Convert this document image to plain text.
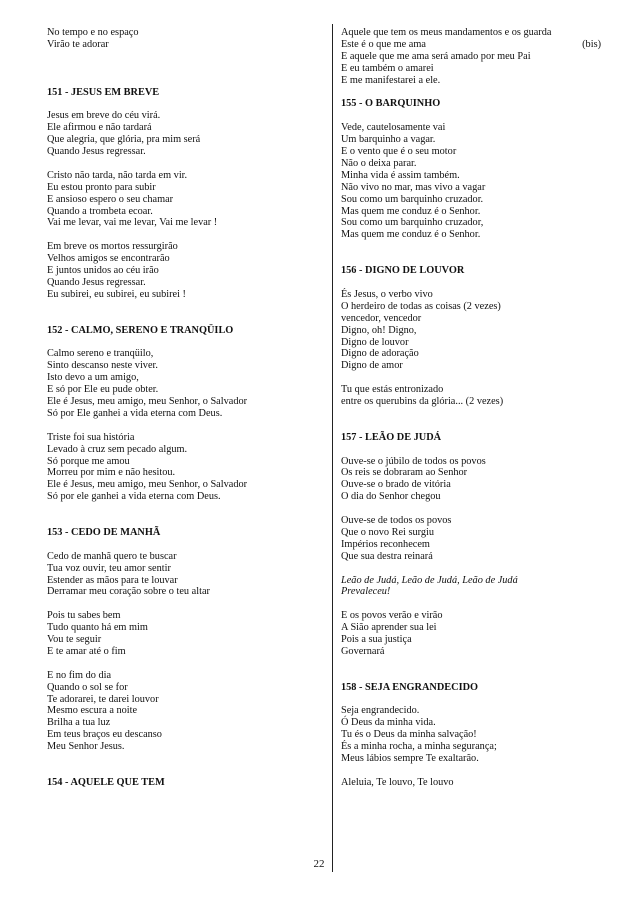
No tempo e no espaço
Virão te adorar
151 - JESUS EM BREVE
Jesus em breve do céu virá.
Ele afirmou e não tardará
Que alegria, que glória, pra mim será
Quando Jesus regressar.
Cristo não tarda, não tarda em vir.
Eu estou pronto para subir
E ansioso espero o seu chamar
Quando a trombeta ecoar.
Vai me levar, vai me levar, Vai me levar !
Em breve os mortos ressurgirão
Velhos amigos se encontrarão
E juntos unidos ao céu irão
Quando Jesus regressar.
Eu subirei, eu subirei, eu subirei !
152 - CALMO, SERENO E TRANQÜILO
Calmo sereno e tranqüilo,
Sinto descanso neste viver.
Isto devo a um amigo,
E só por Ele eu pude obter.
Ele é Jesus, meu amigo, meu Senhor, o Salvador
Só por Ele ganhei a vida eterna com Deus.
Triste foi sua história
Levado à cruz sem pecado algum.
Só porque me amou
Morreu por mim e não hesitou.
Ele é Jesus, meu amigo, meu Senhor, o Salvador
Só por ele ganhei a vida eterna com Deus.
153 - CEDO DE MANHÃ
Cedo de manhã quero te buscar
Tua voz ouvir, teu amor sentir
Estender as mãos para te louvar
Derramar meu coração sobre o teu altar
Pois tu sabes bem
Tudo quanto há em mim
Vou te seguir
E te amar até o fim
E no fim do dia
Quando o sol se for
Te adorarei, te darei louvor
Mesmo escura a noite
Brilha a tua luz
Em teus braços eu descanso
Meu Senhor Jesus.
154 - AQUELE QUE TEM
Aquele que tem os meus mandamentos e os guarda
Este é o que me ama	(bis)
E aquele que me ama será amado por meu Pai
E eu também o amarei
E me manifestarei a ele.
155 - O BARQUINHO
Vede, cautelosamente vai
Um barquinho a vagar.
E o vento que é o seu motor
Não o deixa parar.
Minha vida é assim também.
Não vivo no mar, mas vivo a vagar
Sou como um barquinho cruzador.
Mas quem me conduz é o Senhor.
Sou como um barquinho cruzador,
Mas quem me conduz é o Senhor.
156 - DIGNO DE LOUVOR
És Jesus, o verbo vivo
O herdeiro de todas as coisas (2 vezes)
vencedor, vencedor
Digno, oh! Digno,
Digno de louvor
Digno de adoração
Digno de amor
Tu que estás entronizado
entre os querubins da glória... (2 vezes)
157 - LEÃO DE JUDÁ
Ouve-se o júbilo de todos os povos
Os reis se dobraram ao Senhor
Ouve-se o brado de vitória
O dia do Senhor chegou
Ouve-se de todos os povos
Que o novo Rei surgiu
Impérios reconhecem
Que sua destra reinará
Leão de Judá, Leão de Judá, Leão de Judá
Prevaleceu!
E os povos verão e virão
A Sião aprender sua lei
Pois a sua justiça
Governará
158 - SEJA ENGRANDECIDO
Seja engrandecido.
Ó Deus da minha vida.
Tu és o Deus da minha salvação!
És a minha rocha, a minha segurança;
Meus lábios sempre Te exaltarão.
Aleluia, Te louvo, Te louvo
22
